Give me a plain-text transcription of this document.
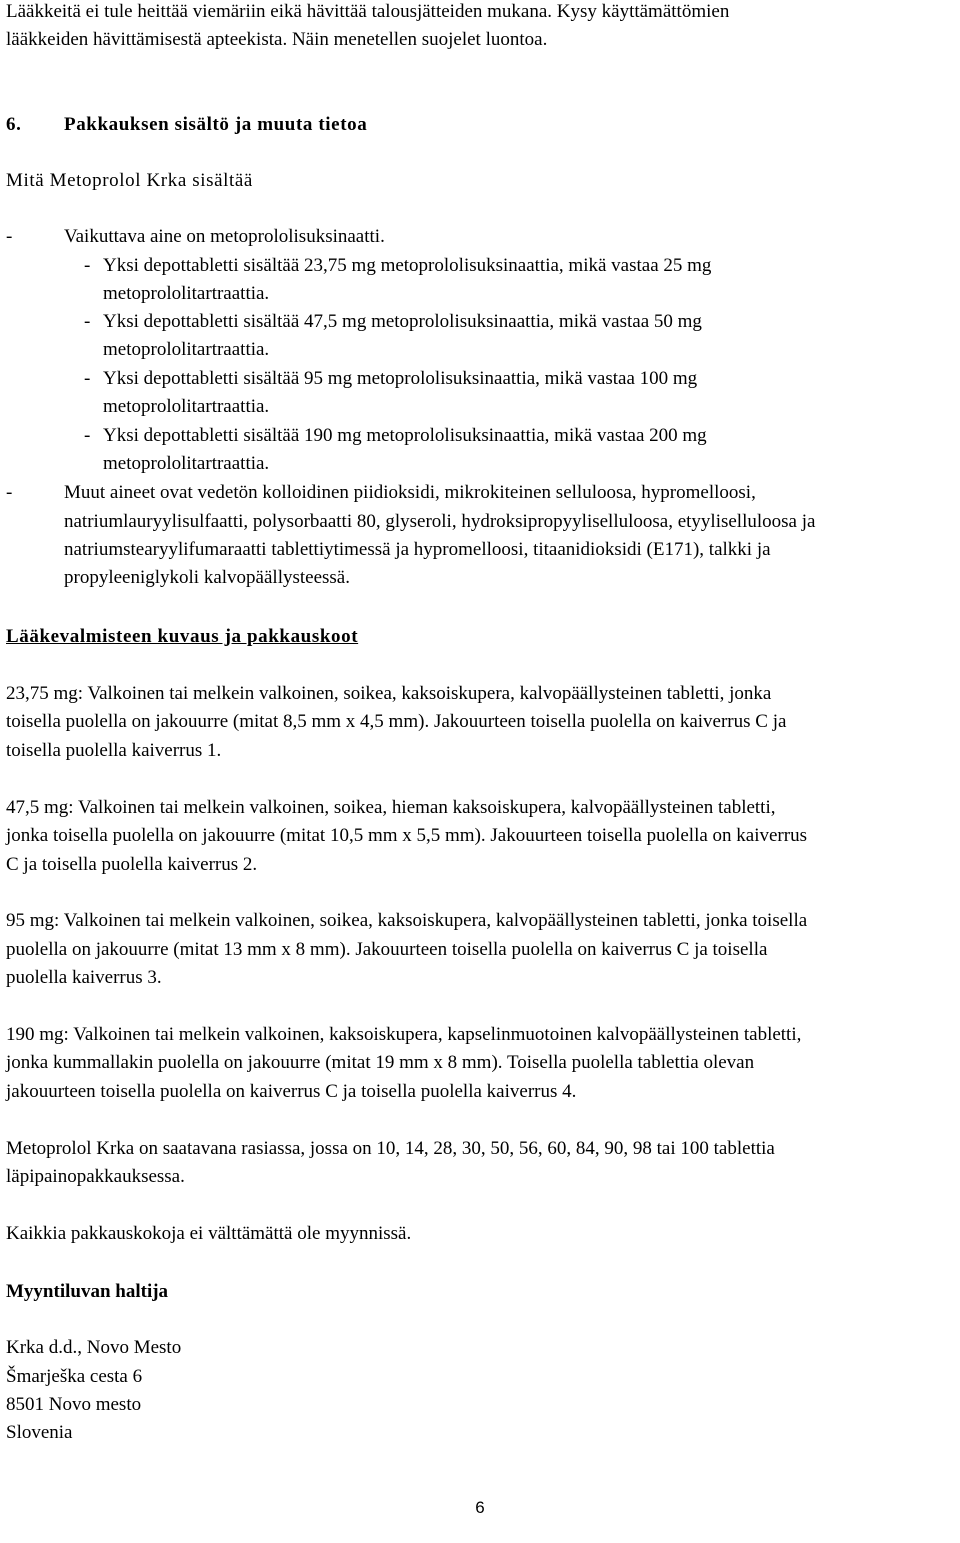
Lääkkeitä ei tule heittää viemäriin eikä hävittää talousjätteiden mukana. Kysy käyttämättömien
lääkkeiden hävittämisestä apteekista. Näin menetellen suojelet luontoa.
6. Pakkauksen sisältö ja muuta tietoa
Mitä Metoprolol Krka sisältää
-	Vaikuttava aine on metoprololisuksinaatti.
- Yksi depottabletti sisältää 23,75 mg metoprololisuksinaattia, mikä vastaa 25 mg
metoprololitartraattia.
- Yksi depottabletti sisältää 47,5 mg metoprololisuksinaattia, mikä vastaa 50 mg
metoprololitartraattia.
- Yksi depottabletti sisältää 95 mg metoprololisuksinaattia, mikä vastaa 100 mg
metoprololitartraattia.
- Yksi depottabletti sisältää 190 mg metoprololisuksinaattia, mikä vastaa 200 mg
metoprololitartraattia.
-	Muut aineet ovat vedetön kolloidinen piidioksidi, mikrokiteinen selluloosa, hypromelloosi,
natriumlauryylisulfaatti, polysorbaatti 80, glyseroli, hydroksipropyyliselluloosa, etyyliselluloosa ja
natriumstearyylifumaraatti tablettiytimessä ja hypromelloosi, titaanidioksidi (E171), talkki ja
propyleeniglykoli kalvopäällysteessä.
Lääkevalmisteen kuvaus ja pakkauskoot
23,75 mg: Valkoinen tai melkein valkoinen, soikea, kaksoiskupera, kalvopäällysteinen tabletti, jonka
toisella puolella on jakouurre (mitat 8,5 mm x 4,5 mm). Jakouurteen toisella puolella on kaiverrus C ja
toisella puolella kaiverrus 1.
47,5 mg: Valkoinen tai melkein valkoinen, soikea, hieman kaksoiskupera, kalvopäällysteinen tabletti,
jonka toisella puolella on jakouurre (mitat 10,5 mm x 5,5 mm). Jakouurteen toisella puolella on kaiverrus
C ja toisella puolella kaiverrus 2.
95 mg: Valkoinen tai melkein valkoinen, soikea, kaksoiskupera, kalvopäällysteinen tabletti, jonka toisella
puolella on jakouurre (mitat 13 mm x 8 mm). Jakouurteen toisella puolella on kaiverrus C ja toisella
puolella kaiverrus 3.
190 mg: Valkoinen tai melkein valkoinen, kaksoiskupera, kapselinmuotoinen kalvopäällysteinen tabletti,
jonka kummallakin puolella on jakouurre (mitat 19 mm x 8 mm). Toisella puolella tablettia olevan
jakouurteen toisella puolella on kaiverrus C ja toisella puolella kaiverrus 4.
Metoprolol Krka on saatavana rasiassa, jossa on 10, 14, 28, 30, 50, 56, 60, 84, 90, 98 tai 100 tablettia
läpipainopakkauksessa.
Kaikkia pakkauskokoja ei välttämättä ole myynnissä.
Myyntiluvan haltija
Krka d.d., Novo Mesto
Šmarješka cesta 6
8501 Novo mesto
Slovenia
6
